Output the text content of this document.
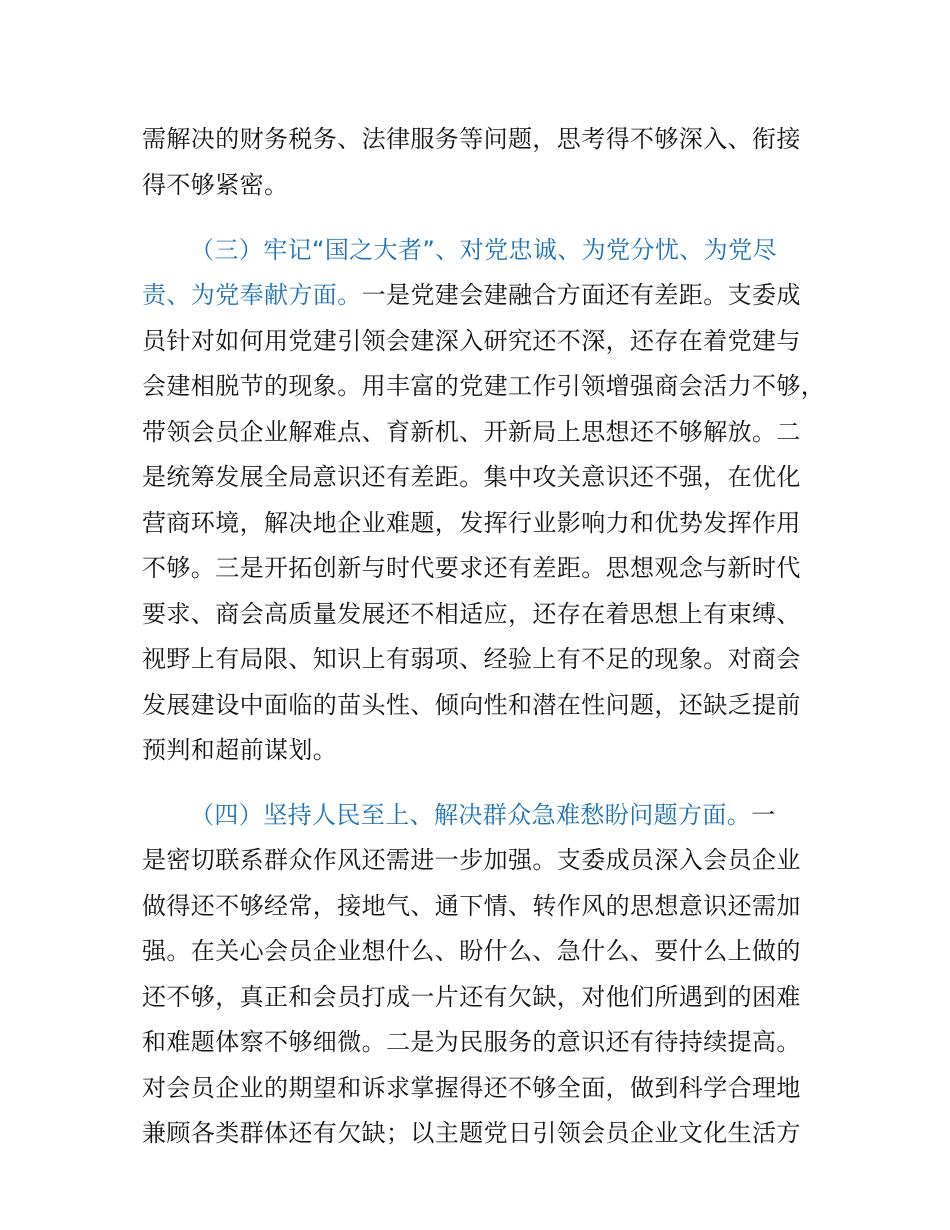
需解决的财务税务、法律服务等问题，思考得不够深入、衔接
得不够紧密。
（三）牢记“国之大者”、对党忠诚、为党分忧、为党尽
责、为党奉献方面。一是党建会建融合方面还有差距。支委成
员针对如何用党建引领会建深入研究还不深，还存在着党建与
会建相脱节的现象。用丰富的党建工作引领增强商会活力不够，
带领会员企业解难点、育新机、开新局上思想还不够解放。二
是统筹发展全局意识还有差距。集中攻关意识还不强，在优化
营商环境，解决地企业难题，发挥行业影响力和优势发挥作用
不够。三是开拓创新与时代要求还有差距。思想观念与新时代
要求、商会高质量发展还不相适应，还存在着思想上有束缚、
视野上有局限、知识上有弱项、经验上有不足的现象。对商会
发展建设中面临的苗头性、倾向性和潜在性问题，还缺乏提前
预判和超前谋划。
（四）坚持人民至上、解决群众急难愁盼问题方面。一
是密切联系群众作风还需进一步加强。支委成员深入会员企业
做得还不够经常，接地气、通下情、转作风的思想意识还需加
强。在关心会员企业想什么、盼什么、急什么、要什么上做的
还不够，真正和会员打成一片还有欠缺，对他们所遇到的困难
和难题体察不够细微。二是为民服务的意识还有待持续提高。
对会员企业的期望和诉求掌握得还不够全面，做到科学合理地
兼顾各类群体还有欠缺；以主题党日引领会员企业文化生活方
